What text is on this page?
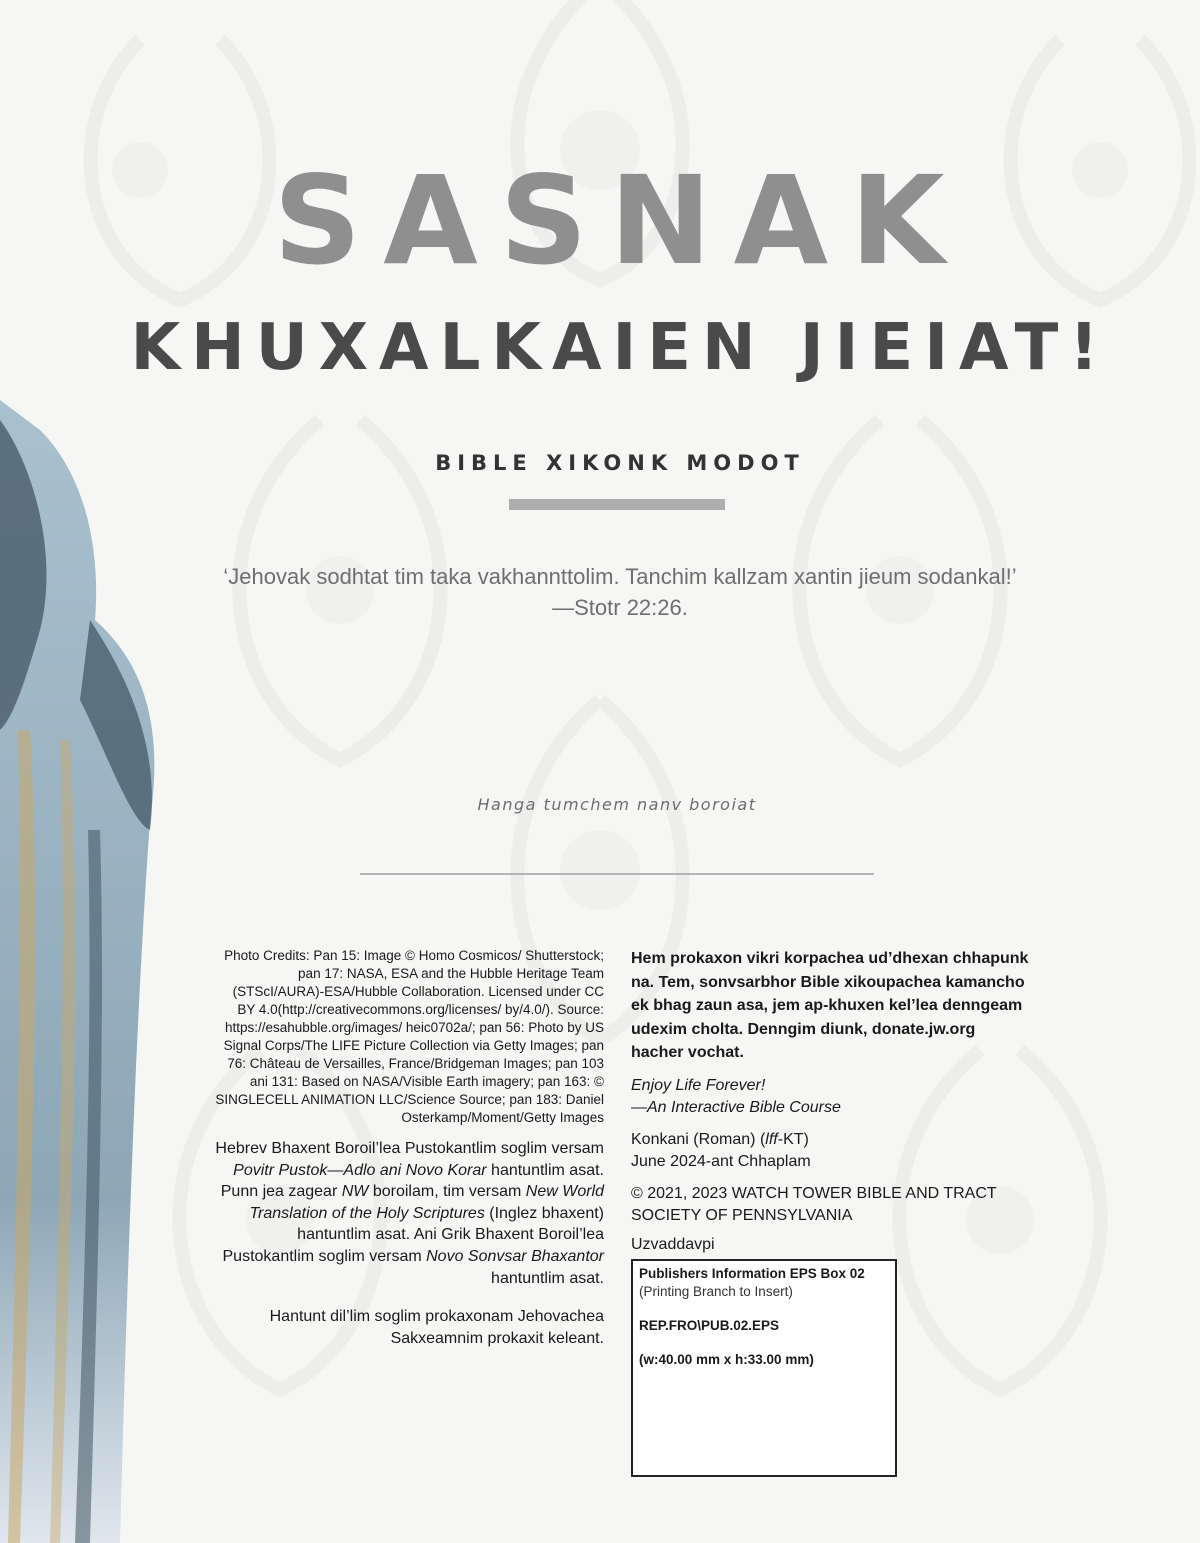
SASNAK
KHUXALKAIEN JIEIAT!
BIBLE XIKONK MODOT
‘Jehovak sodhtat tim taka vakhannttolim. Tanchim kallzam xantin jieum sodankal!’
—Stotr 22:26.
Hanga tumchem nanv boroiat
Photo Credits: Pan 15: Image © Homo Cosmicos/ Shutterstock; pan 17: NASA, ESA and the Hubble Heritage Team (STScI/AURA)-ESA/Hubble Collaboration. Licensed under CC BY 4.0(http://creativecommons.org/licenses/ by/4.0/). Source: https://esahubble.org/images/ heic0702a/; pan 56: Photo by US Signal Corps/The LIFE Picture Collection via Getty Images; pan 76: Château de Versailles, France/Bridgeman Images; pan 103 ani 131: Based on NASA/Visible Earth imagery; pan 163: © SINGLECELL ANIMATION LLC/Science Source; pan 183: Daniel Osterkamp/Moment/Getty Images
Hebrev Bhaxent Boroil’lea Pustokantlim soglim versam Povitr Pustok—Adlo ani Novo Korar hantuntlim asat. Punn jea zagear NW boroilam, tim versam New World Translation of the Holy Scriptures (Inglez bhaxent) hantuntlim asat. Ani Grik Bhaxent Boroil’lea Pustokantlim soglim versam Novo Sonvsar Bhaxantor hantuntlim asat.
Hantunt dil’lim soglim prokaxonam Jehovachea Sakxeamnim prokaxit keleant.
Hem prokaxon vikri korpachea ud’dhexan chhapunk na. Tem, sonvsarbhor Bible xikoupachea kamancho ek bhag zaun asa, jem ap-khuxen kel’lea denngeam udexim cholta. Denngim diunk, donate.jw.org hacher vochat.
Enjoy Life Forever!
—An Interactive Bible Course
Konkani (Roman) (lff-KT)
June 2024-ant Chhaplam
© 2021, 2023 WATCH TOWER BIBLE AND TRACT SOCIETY OF PENNSYLVANIA
Uzvaddavpi
Publishers Information EPS Box 02
(Printing Branch to Insert)
REP.FRO\PUB.02.EPS
(w:40.00 mm x h:33.00 mm)
